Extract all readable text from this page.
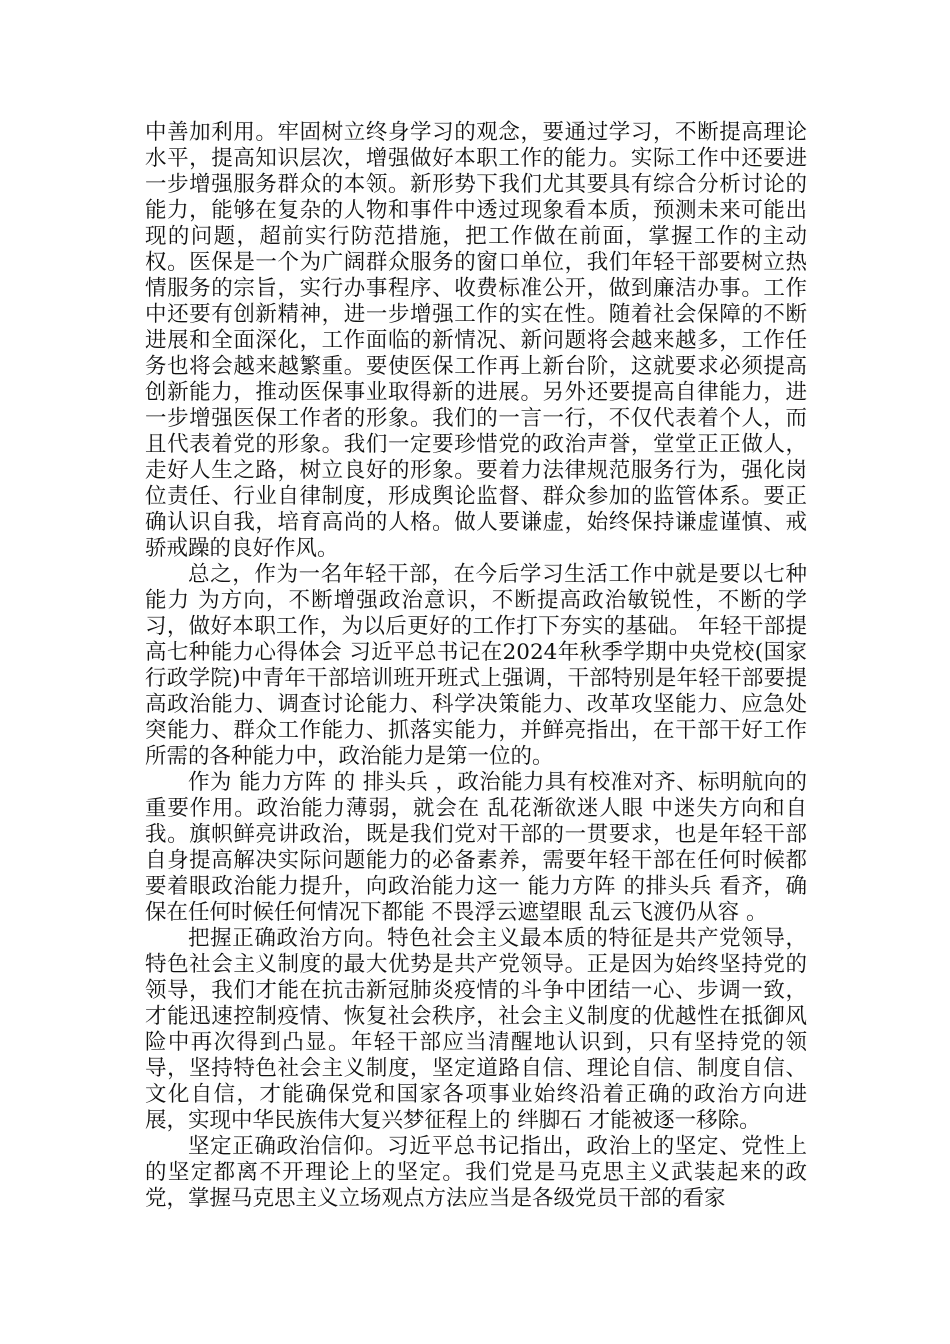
中善加利用。牢固树立终身学习的观念，要通过学习，不断提高理论水平，提高知识层次，增强做好本职工作的能力。实际工作中还要进一步增强服务群众的本领。新形势下我们尤其要具有综合分析讨论的能力，能够在复杂的人物和事件中透过现象看本质，预测未来可能出现的问题，超前实行防范措施，把工作做在前面，掌握工作的主动权。医保是一个为广阔群众服务的窗口单位，我们年轻干部要树立热情服务的宗旨，实行办事程序、收费标准公开，做到廉洁办事。工作中还要有创新精神，进一步增强工作的实在性。随着社会保障的不断进展和全面深化，工作面临的新情况、新问题将会越来越多，工作任务也将会越来越繁重。要使医保工作再上新台阶，这就要求必须提高创新能力，推动医保事业取得新的进展。另外还要提高自律能力，进一步增强医保工作者的形象。我们的一言一行，不仅代表着个人，而且代表着党的形象。我们一定要珍惜党的政治声誉，堂堂正正做人，走好人生之路，树立良好的形象。要着力法律规范服务行为，强化岗位责任、行业自律制度，形成舆论监督、群众参加的监管体系。要正确认识自我，培育高尚的人格。做人要谦虚，始终保持谦虚谨慎、戒骄戒躁的良好作风。

总之，作为一名年轻干部，在今后学习生活工作中就是要以七种能力 为方向，不断增强政治意识，不断提高政治敏锐性，不断的学习，做好本职工作，为以后更好的工作打下夯实的基础。 年轻干部提高七种能力心得体会 习近平总书记在2024年秋季学期中央党校(国家行政学院)中青年干部培训班开班式上强调，干部特别是年轻干部要提高政治能力、调查讨论能力、科学决策能力、改革攻坚能力、应急处突能力、群众工作能力、抓落实能力，并鲜亮指出，在干部干好工作所需的各种能力中，政治能力是第一位的。

作为 能力方阵 的 排头兵 ，政治能力具有校准对齐、标明航向的重要作用。政治能力薄弱，就会在 乱花渐欲迷人眼 中迷失方向和自我。旗帜鲜亮讲政治，既是我们党对干部的一贯要求，也是年轻干部自身提高解决实际问题能力的必备素养，需要年轻干部在任何时候都要着眼政治能力提升，向政治能力这一 能力方阵 的排头兵 看齐，确保在任何时候任何情况下都能 不畏浮云遮望眼 乱云飞渡仍从容 。

把握正确政治方向。特色社会主义最本质的特征是共产党领导，特色社会主义制度的最大优势是共产党领导。正是因为始终坚持党的领导，我们才能在抗击新冠肺炎疫情的斗争中团结一心、步调一致，才能迅速控制疫情、恢复社会秩序，社会主义制度的优越性在抵御风险中再次得到凸显。年轻干部应当清醒地认识到，只有坚持党的领导，坚持特色社会主义制度，坚定道路自信、理论自信、制度自信、文化自信，才能确保党和国家各项事业始终沿着正确的政治方向进展，实现中华民族伟大复兴梦征程上的 绊脚石 才能被逐一移除。

坚定正确政治信仰。习近平总书记指出，政治上的坚定、党性上的坚定都离不开理论上的坚定。我们党是马克思主义武装起来的政党，掌握马克思主义立场观点方法应当是各级党员干部的看家
